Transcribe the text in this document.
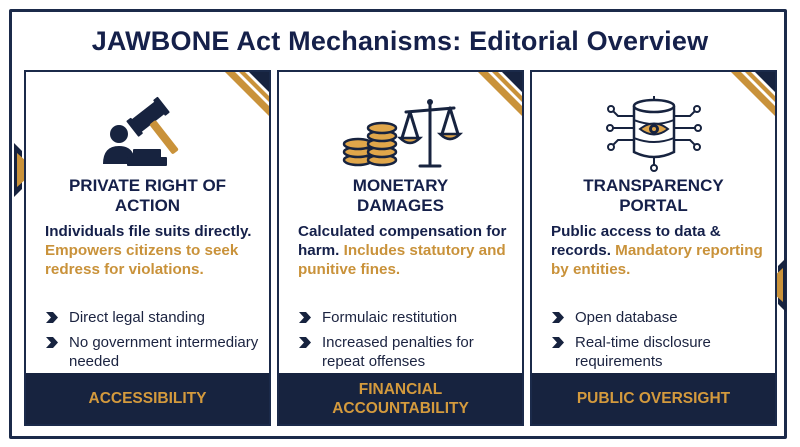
JAWBONE Act Mechanisms: Editorial Overview
PRIVATE RIGHT OF
ACTION
Individuals file suits directly. Empowers citizens to seek redress for violations.
Direct legal standing
No government intermediary needed
ACCESSIBILITY

MONETARY
DAMAGES
Calculated compensation for harm. Includes statutory and punitive fines.
Formulaic restitution
Increased penalties for repeat offenses
FINANCIAL
ACCOUNTABILITY
TRANSPARENCY
PORTAL
Public access to data & records. Mandatory reporting by entities.
Open database
Real-time disclosure requirements
PUBLIC OVERSIGHT
